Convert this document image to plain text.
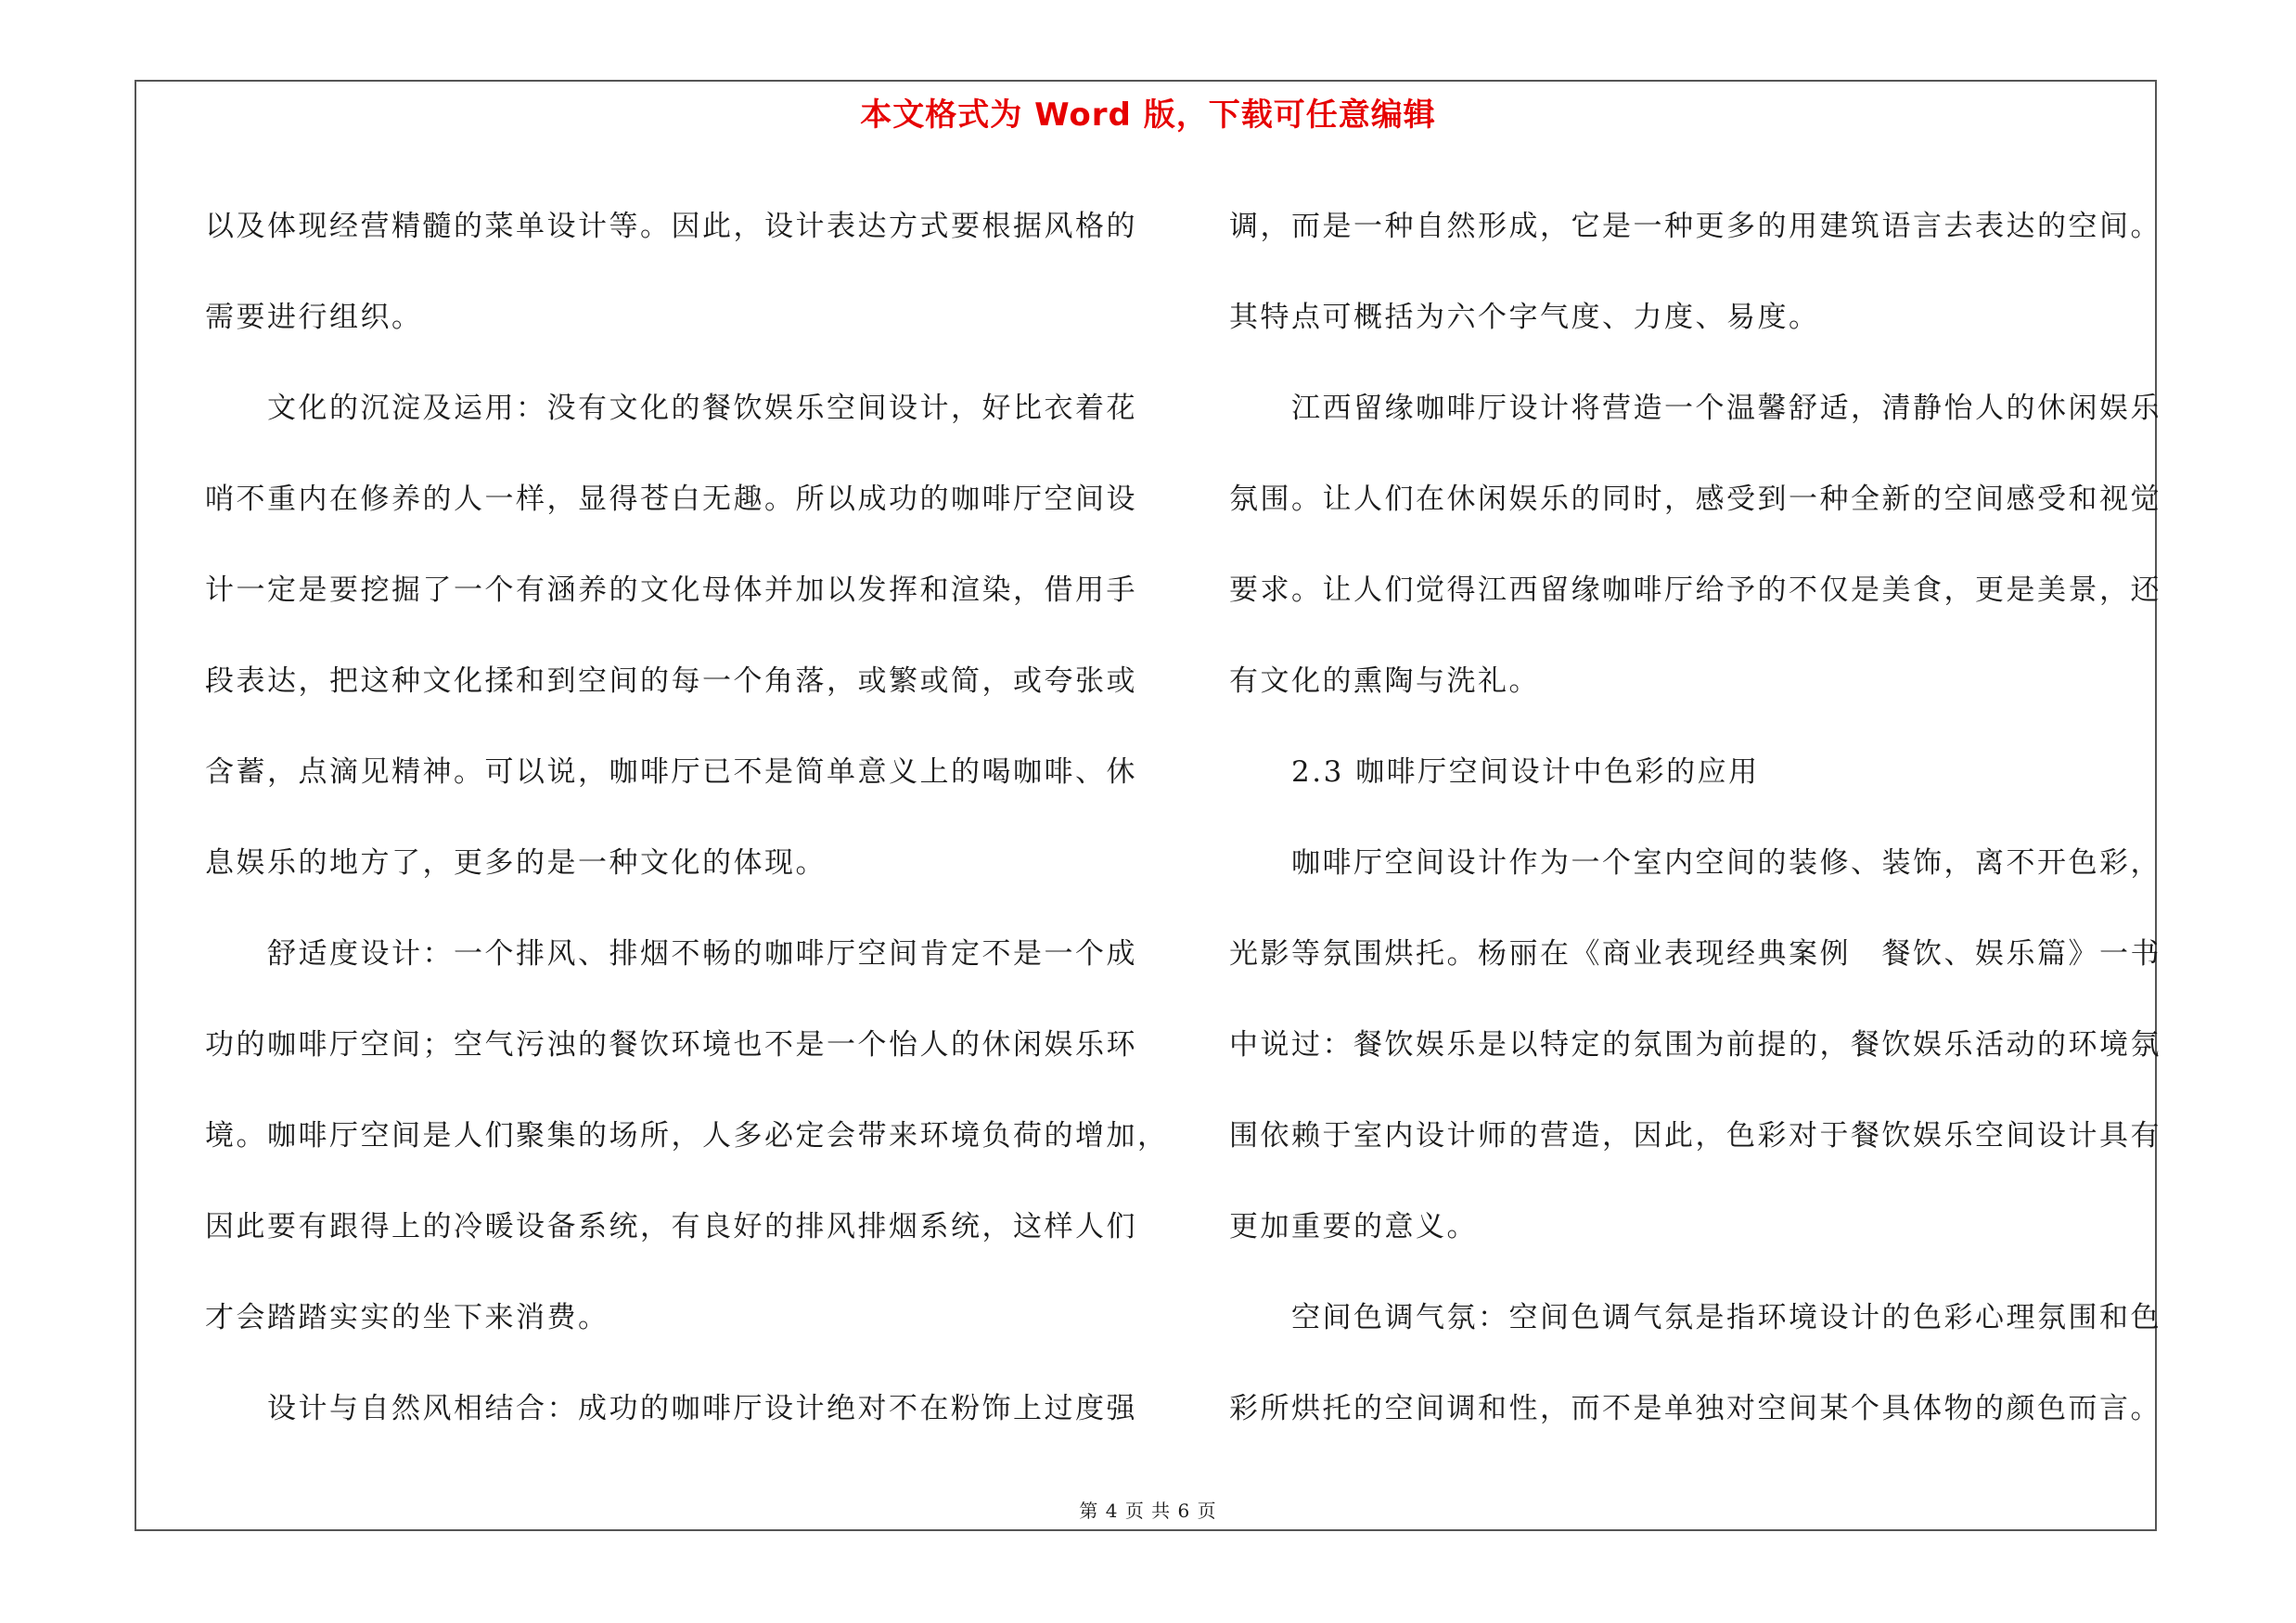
本文格式为 Word 版，下载可任意编辑
以及体现经营精髓的菜单设计等。因此，设计表达方式要根据风格的
需要进行组织。
　　文化的沉淀及运用：没有文化的餐饮娱乐空间设计，好比衣着花
哨不重内在修养的人一样，显得苍白无趣。所以成功的咖啡厅空间设
计一定是要挖掘了一个有涵养的文化母体并加以发挥和渲染，借用手
段表达，把这种文化揉和到空间的每一个角落，或繁或简，或夸张或
含蓄，点滴见精神。可以说，咖啡厅已不是简单意义上的喝咖啡、休
息娱乐的地方了，更多的是一种文化的体现。
　　舒适度设计：一个排风、排烟不畅的咖啡厅空间肯定不是一个成
功的咖啡厅空间；空气污浊的餐饮环境也不是一个怡人的休闲娱乐环
境。咖啡厅空间是人们聚集的场所，人多必定会带来环境负荷的增加，
因此要有跟得上的冷暖设备系统，有良好的排风排烟系统，这样人们
才会踏踏实实的坐下来消费。
　　设计与自然风相结合：成功的咖啡厅设计绝对不在粉饰上过度强
调，而是一种自然形成，它是一种更多的用建筑语言去表达的空间。
其特点可概括为六个字气度、力度、易度。
　　江西留缘咖啡厅设计将营造一个温馨舒适，清静怡人的休闲娱乐
氛围。让人们在休闲娱乐的同时，感受到一种全新的空间感受和视觉
要求。让人们觉得江西留缘咖啡厅给予的不仅是美食，更是美景，还
有文化的熏陶与洗礼。
　　2.3 咖啡厅空间设计中色彩的应用
　　咖啡厅空间设计作为一个室内空间的装修、装饰，离不开色彩，
光影等氛围烘托。杨丽在《商业表现经典案例　餐饮、娱乐篇》一书
中说过：餐饮娱乐是以特定的氛围为前提的，餐饮娱乐活动的环境氛
围依赖于室内设计师的营造，因此，色彩对于餐饮娱乐空间设计具有
更加重要的意义。
　　空间色调气氛：空间色调气氛是指环境设计的色彩心理氛围和色
彩所烘托的空间调和性，而不是单独对空间某个具体物的颜色而言。
第 4 页 共 6 页
